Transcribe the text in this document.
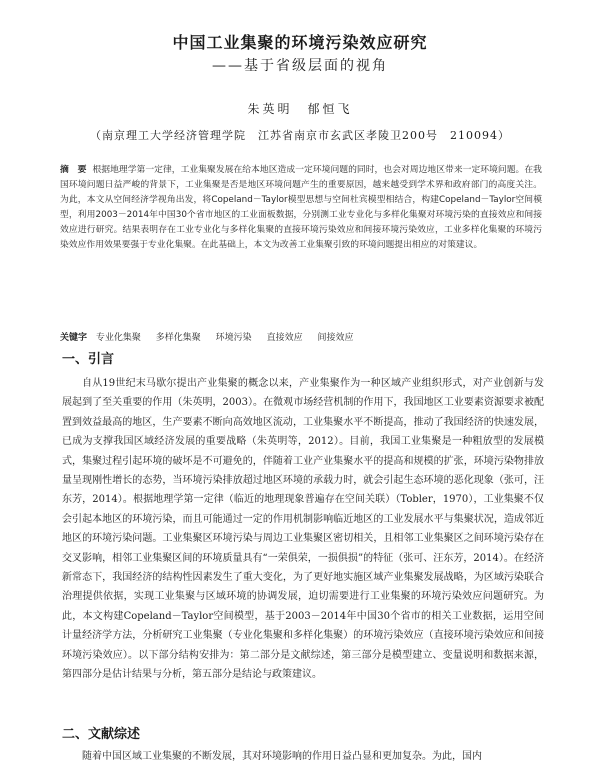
中国工业集聚的环境污染效应研究
——基于省级层面的视角
朱英明　郁恒飞
（南京理工大学经济管理学院　江苏省南京市玄武区孝陵卫200号　210094）
摘　要 根据地理学第一定律，工业集聚发展在给本地区造成一定环境问题的同时，也会对周边地区带来一定环境问题。在我国环境问题日益严峻的背景下，工业集聚是否是地区环境问题产生的重要原因，越来越受到学术界和政府部门的高度关注。为此，本文从空间经济学视角出发，将Copeland－Taylor模型思想与空间杜宾模型相结合，构建Copeland－Taylor空间模型，利用2003－2014年中国30个省市地区的工业面板数据，分别测工业专业化与多样化集聚对环境污染的直接效应和间接效应进行研究。结果表明存在工业专业化与多样化集聚的直接环境污染效应和间接环境污染效应，工业多样化集聚的环境污染效应作用效果要强于专业化集聚。在此基础上，本文为改善工业集聚引致的环境问题提出相应的对策建议。
关键字 专业化集聚 多样化集聚 环境污染 直接效应 间接效应
一、引言
自从19世纪末马歇尔提出产业集聚的概念以来，产业集聚作为一种区域产业组织形式，对产业创新与发展起到了至关重要的作用（朱英明，2003）。在微观市场经营机制的作用下，我国地区工业要素资源要求被配置到效益最高的地区，生产要素不断向高效地区流动，工业集聚水平不断提高，推动了我国经济的快速发展，已成为支撑我国区域经济发展的重要战略（朱英明等，2012）。目前，我国工业集聚是一种粗放型的发展模式，集聚过程引起环境的破坏是不可避免的，伴随着工业产业集聚水平的提高和规模的扩张，环境污染物排放量呈现刚性增长的态势，当环境污染排放超过地区环境的承载力时，就会引起生态环境的恶化现象（张可，汪东芳，2014）。根据地理学第一定律（临近的地理现象普遍存在空间关联）（Tobler，1970），工业集聚不仅会引起本地区的环境污染，而且可能通过一定的作用机制影响临近地区的工业发展水平与集聚状况，造成邻近地区的环境污染问题。工业集聚区环境污染与周边工业集聚区密切相关，且相邻工业集聚区之间环境污染存在交叉影响，相邻工业集聚区间的环境质量具有“一荣俱荣，一损俱损”的特征（张可、汪东芳，2014）。在经济新常态下，我国经济的结构性因素发生了重大变化，为了更好地实施区域产业集聚发展战略，为区域污染联合治理提供依据，实现工业集聚与区域环境的协调发展，迫切需要进行工业集聚的环境污染效应问题研究。为此，本文构建Copeland－Taylor空间模型，基于2003－2014年中国30个省市的相关工业数据，运用空间计量经济学方法，分析研究工业集聚（专业化集聚和多样化集聚）的环境污染效应（直接环境污染效应和间接环境污染效应）。以下部分结构安排为：第二部分是文献综述，第三部分是模型建立、变量说明和数据来源，第四部分是估计结果与分析，第五部分是结论与政策建议。
二、文献综述
随着中国区域工业集聚的不断发展，其对环境影响的作用日益凸显和更加复杂。为此，国内
